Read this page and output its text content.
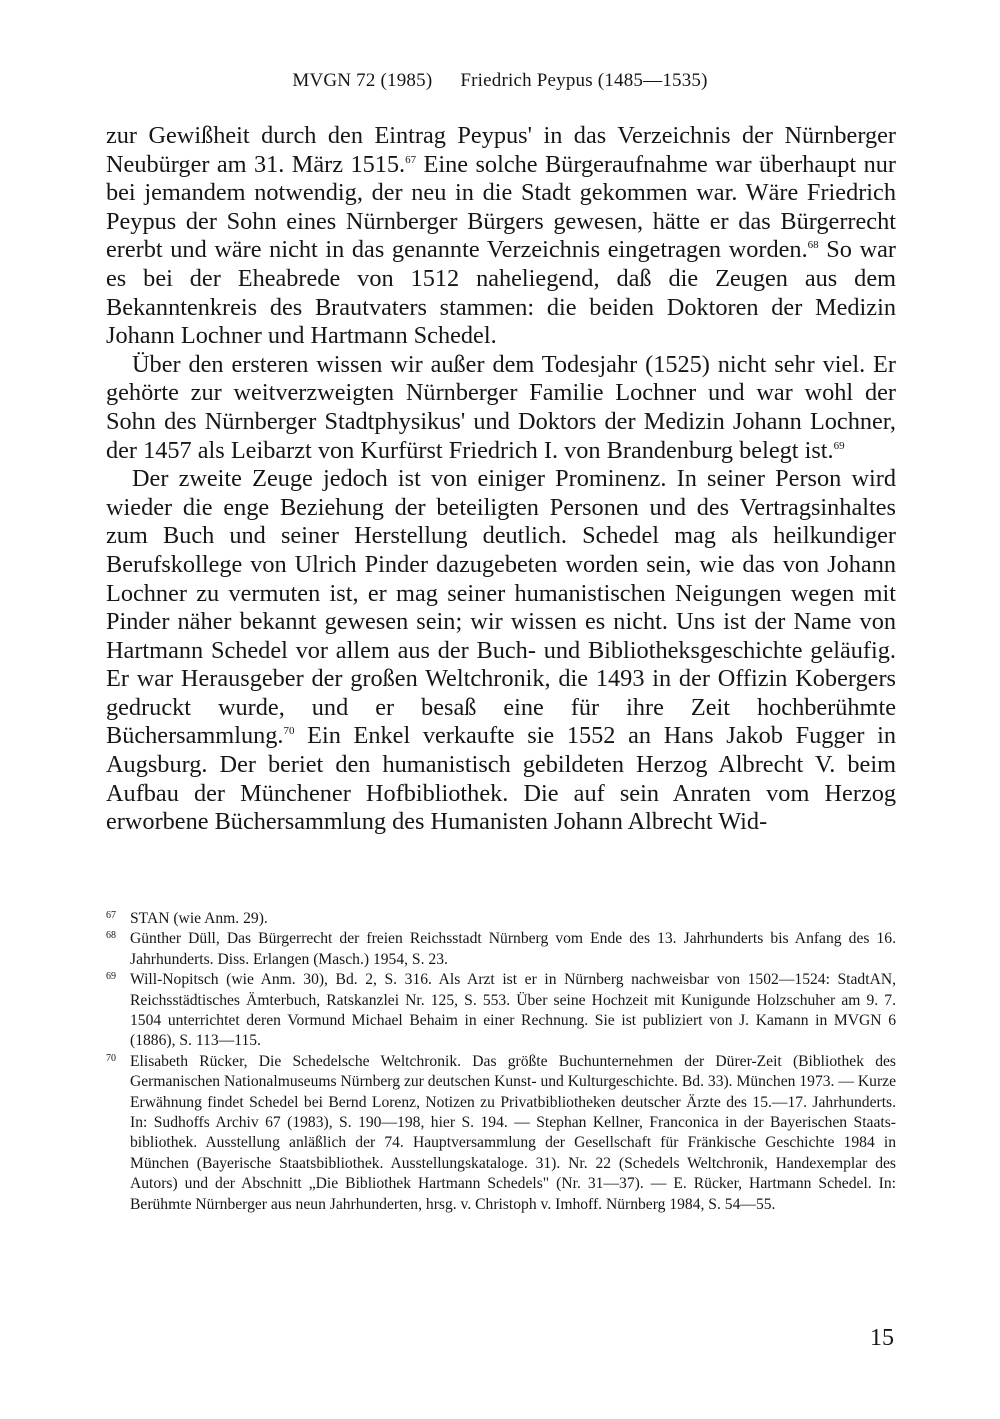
MVGN 72 (1985) Friedrich Peypus (1485—1535)

zur Gewißheit durch den Eintrag Peypus' in das Verzeichnis der Nürnberger Neubürger am 31. März 1515.67 Eine solche Bürgeraufnahme war überhaupt nur bei jemandem notwendig, der neu in die Stadt gekommen war. Wäre Friedrich Peypus der Sohn eines Nürnberger Bürgers gewesen, hätte er das Bürgerrecht ererbt und wäre nicht in das genannte Verzeichnis eingetragen worden.$^{68}$ So war es bei der Eheabrede von 1512 naheliegend, daß die Zeugen aus dem Bekanntenkreis des Brautvaters stammen: die beiden Doktoren der Medizin Johann Lochner und Hartmann Schedel.

Über den ersteren wissen wir außer dem Todesjahr (1525) nicht sehr viel. Er gehörte zur weitverzweigten Nürnberger Familie Lochner und war wohl der Sohn des Nürnberger Stadtphysikus' und Doktors der Medizin Johann Lochner, der 1457 als Leibarzt von Kurfürst Friedrich I. von Brandenburg belegt ist.$^{69}$

Der zweite Zeuge jedoch ist von einiger Prominenz. In seiner Person wird wieder die enge Beziehung der beteiligten Personen und des Vertragsinhaltes zum Buch und seiner Herstellung deutlich. Schedel mag als heilkundiger Berufskollege von Ulrich Pinder dazugebeten worden sein, wie das von Johann Lochner zu vermuten ist, er mag seiner humanistischen Neigungen wegen mit Pinder näher bekannt gewesen sein; wir wissen es nicht. Uns ist der Name von Hartmann Schedel vor allem aus der Buch- und Bibliotheksgeschichte geläufig. Er war Herausgeber der großen Weltchronik, die 1493 in der Offizin Kobergers gedruckt wurde, und er besaß eine für ihre Zeit hochberühmte Büchersammlung.$^{70}$ Ein Enkel verkaufte sie 1552 an Hans Jakob Fugger in Augsburg. Der beriet den humanistisch gebildeten Herzog Albrecht V. beim Aufbau der Münchener Hofbibliothek. Die auf sein Anraten vom Herzog erworbene Büchersammlung des Humanisten Johann Albrecht Wid-

67 STAN (wie Anm. 29).

68 Günther Düll, Das Bürgerrecht der freien Reichsstadt Nürnberg vom Ende des 13. Jahrhunderts bis Anfang des 16. Jahrhunderts. Diss. Erlangen (Masch.) 1954, S. 23.

69 Will-Nopitsch (wie Anm. 30), Bd. 2, S. 316. Als Arzt ist er in Nürnberg nachweisbar von 1502—1524: StadtAN, Reichsstädtisches Ämterbuch, Ratskanzlei Nr. 125, S. 553. Über seine Hochzeit mit Kunigunde Holzschuher am 9. 7. 1504 unterrichtet deren Vormund Michael Behaim in einer Rechnung. Sie ist publiziert von J. Kamann in MVGN 6 (1886), S. 113—115.

70 Elisabeth Rücker, Die Schedelsche Weltchronik. Das größte Buchunternehmen der Dürer-Zeit (Bibliothek des Germanischen Nationalmuseums Nürnberg zur deutschen Kunst- und Kulturgeschichte. Bd. 33). München 1973. — Kurze Erwähnung findet Schedel bei Bernd Lorenz, Notizen zu Privatbibliotheken deutscher Ärzte des 15.—17. Jahrhunderts. In: Sudhoffs Archiv 67 (1983), S. 190—198, hier S. 194. — Stephan Kellner, Franconica in der Bayerischen Staatsbibliothek. Ausstellung anläßlich der 74. Hauptversammlung der Gesellschaft für Fränkische Geschichte 1984 in München (Bayerische Staatsbibliothek. Ausstellungskataloge. 31). Nr. 22 (Schedels Weltchronik, Handexemplar des Autors) und der Abschnitt „Die Bibliothek Hartmann Schedels" (Nr. 31—37). — E. Rücker, Hartmann Schedel. In: Berühmte Nürnberger aus neun Jahrhunderten, hrsg. v. Christoph v. Imhoff. Nürnberg 1984, S. 54—55.

15
